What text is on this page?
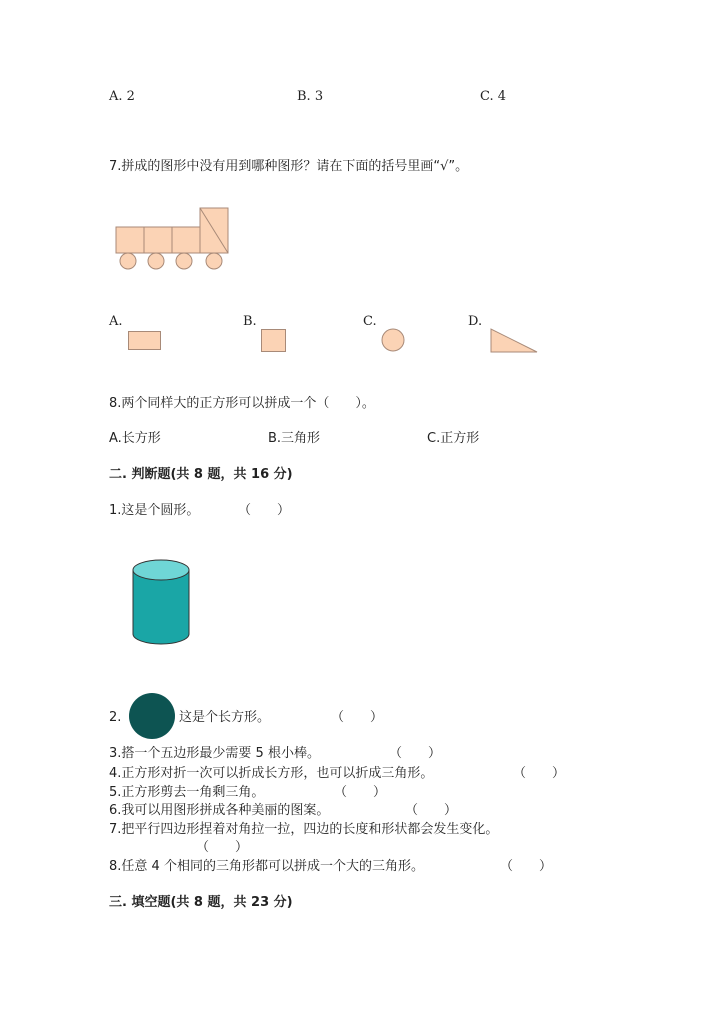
A. 2	B. 3	C. 4
7.拼成的图形中没有用到哪种图形？请在下面的括号里画“√”。
A.	B.	C.	D.
8.两个同样大的正方形可以拼成一个（　　）。
A.长方形	B.三角形	C.正方形
二. 判断题(共 8 题，共 16 分)
1.这是个圆形。	（　　）
2.	这是个长方形。	（　　）
3.搭一个五边形最少需要 5 根小棒。	（　　）
4.正方形对折一次可以折成长方形，也可以折成三角形。	（　　）
5.正方形剪去一角剩三角。	（　　）
6.我可以用图形拼成各种美丽的图案。	（　　）
7.把平行四边形捏着对角拉一拉，四边的长度和形状都会发生变化。
（　　）
8.任意 4 个相同的三角形都可以拼成一个大的三角形。	（　　）
三. 填空题(共 8 题，共 23 分)
